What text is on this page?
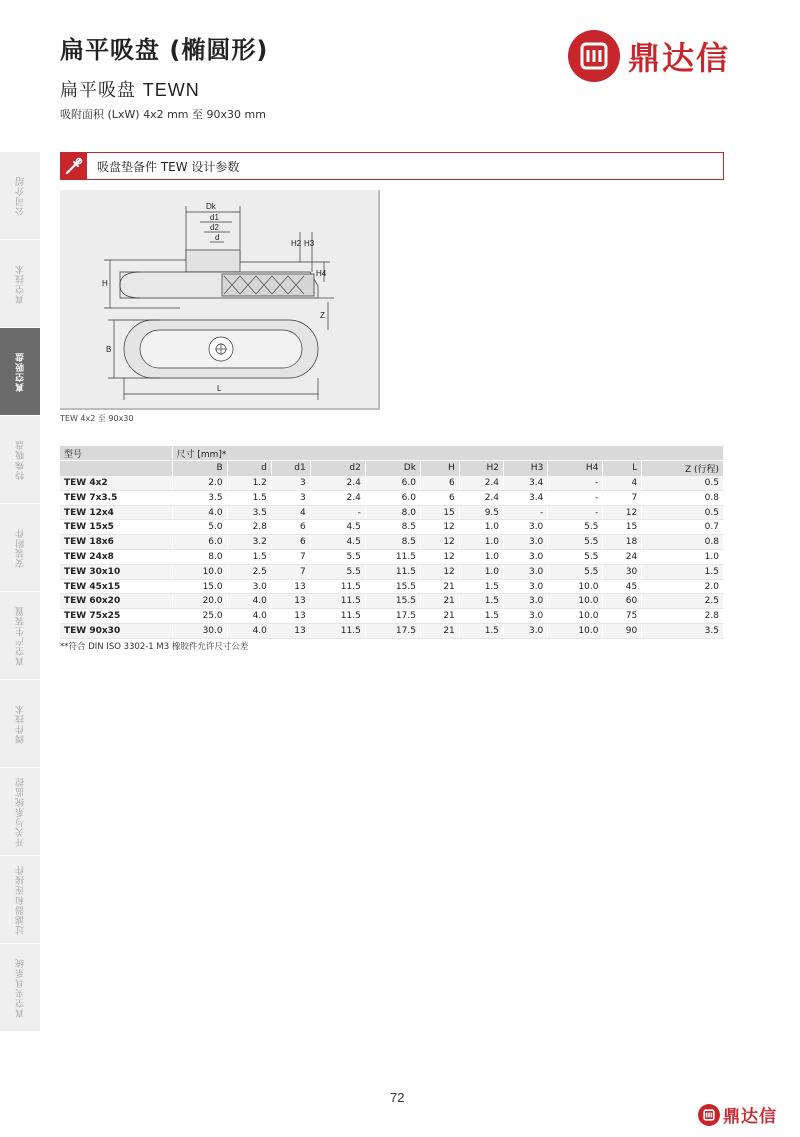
扁平吸盘 (椭圆形)
扁平吸盘 TEWN
吸附面积 (LxW) 4x2 mm 至 90x30 mm
鼎达信
公司介绍
真空技术
真空吸盘
特殊吸盘
安装附件
真空产生装置
阀件技术
开关与系统监控
过滤器和连接件
真空夹具系统
吸盘垫备件 TEW 设计参数
Dk
d1
d2
d
H
H2 H3
H4
Z
B
L
TEW 4x2 至 90x30
型号	尺寸 [mm]*										
	B	d	d1	d2	Dk	H	H2	H3	H4	L	Z (行程)
TEW 4x2	2.0	1.2	3	2.4	6.0	6	2.4	3.4	-	4	0.5
TEW 7x3.5	3.5	1.5	3	2.4	6.0	6	2.4	3.4	-	7	0.8
TEW 12x4	4.0	3.5	4	-	8.0	15	9.5	-	-	12	0.5
TEW 15x5	5.0	2.8	6	4.5	8.5	12	1.0	3.0	5.5	15	0.7
TEW 18x6	6.0	3.2	6	4.5	8.5	12	1.0	3.0	5.5	18	0.8
TEW 24x8	8.0	1.5	7	5.5	11.5	12	1.0	3.0	5.5	24	1.0
TEW 30x10	10.0	2.5	7	5.5	11.5	12	1.0	3.0	5.5	30	1.5
TEW 45x15	15.0	3.0	13	11.5	15.5	21	1.5	3.0	10.0	45	2.0
TEW 60x20	20.0	4.0	13	11.5	15.5	21	1.5	3.0	10.0	60	2.5
TEW 75x25	25.0	4.0	13	11.5	17.5	21	1.5	3.0	10.0	75	2.8
TEW 90x30	30.0	4.0	13	11.5	17.5	21	1.5	3.0	10.0	90	3.5
**符合 DIN ISO 3302-1 M3 橡胶件允许尺寸公差
72
鼎达信
